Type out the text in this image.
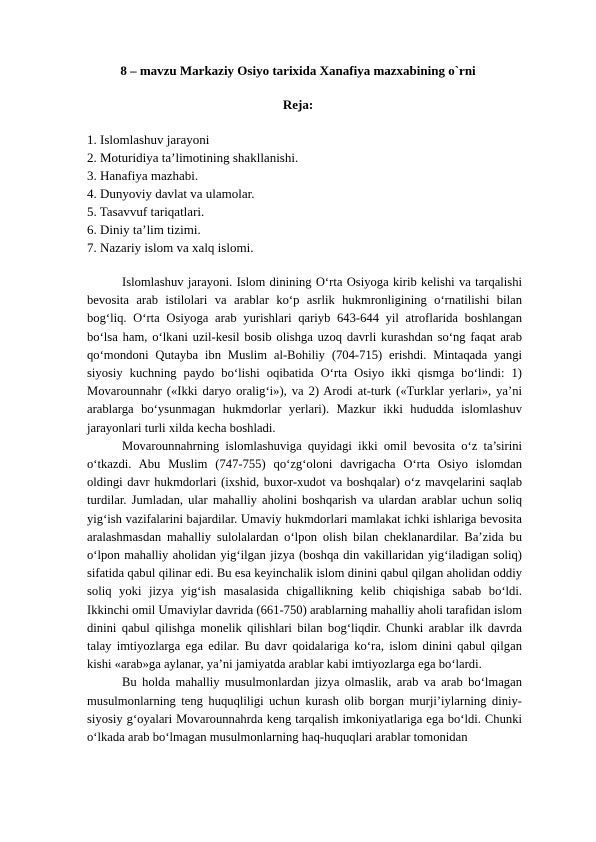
8 – mavzu Markaziy Osiyo tarixida Xanafiya mazxabining o`rni
Reja:
1. Islomlashuv jarayoni
2. Moturidiya ta’limotining shakllanishi.
3. Hanafiya mazhabi.
4. Dunyoviy davlat va ulamolar.
5. Tasavvuf tariqatlari.
6. Diniy ta’lim tizimi.
7. Nazariy islom va xalq islomi.

Islomlashuv jarayoni. Islom dinining O‘rta Osiyoga kirib kelishi va tarqalishi bevosita arab istilolari va arablar ko‘p asrlik hukmronligining o‘rnatilishi bilan bog‘liq. O‘rta Osiyoga arab yurishlari qariyb 643-644 yil atroflarida boshlangan bo‘lsa ham, o‘lkani uzil-kesil bosib olishga uzoq davrli kurashdan so‘ng faqat arab qo‘mondoni Qutayba ibn Muslim al-Bohiliy (704-715) erishdi. Mintaqada yangi siyosiy kuchning paydo bo‘lishi oqibatida O‘rta Osiyo ikki qismga bo‘lindi: 1) Movarounnahr («Ikki daryo oralig‘i»), va 2) Arodi at-turk («Turklar yerlari», ya’ni arablarga bo‘ysunmagan hukmdorlar yerlari). Mazkur ikki hududda islomlashuv jarayonlari turli xilda kecha boshladi.

Movarounnahrning islomlashuviga quyidagi ikki omil bevosita o‘z ta’sirini o‘tkazdi. Abu Muslim (747-755) qo‘zg‘oloni davrigacha O‘rta Osiyo islomdan oldingi davr hukmdorlari (ixshid, buxor-xudot va boshqalar) o‘z mavqelarini saqlab turdilar. Jumladan, ular mahalliy aholini boshqarish va ulardan arablar uchun soliq yig‘ish vazifalarini bajardilar. Umaviy hukmdorlari mamlakat ichki ishlariga bevosita aralashmasdan mahalliy sulolalardan o‘lpon olish bilan cheklanardilar. Ba’zida bu o‘lpon mahalliy aholidan yig‘ilgan jizya (boshqa din vakillaridan yig‘iladigan soliq) sifatida qabul qilinar edi. Bu esa keyinchalik islom dinini qabul qilgan aholidan oddiy soliq yoki jizya yig‘ish masalasida chigallikning kelib chiqishiga sabab bo‘ldi. Ikkinchi omil Umaviylar davrida (661-750) arablarning mahalliy aholi tarafidan islom dinini qabul qilishga monelik qilishlari bilan bog‘liqdir. Chunki arablar ilk davrda talay imtiyozlarga ega edilar. Bu davr qoidalariga ko‘ra, islom dinini qabul qilgan kishi «arab»ga aylanar, ya’ni jamiyatda arablar kabi imtiyozlarga ega bo‘lardi.

Bu holda mahalliy musulmonlardan jizya olmaslik, arab va arab bo‘lmagan musulmonlarning teng huquqliligi uchun kurash olib borgan murji’iylarning diniy-siyosiy g‘oyalari Movarounnahrda keng tarqalish imkoniyatlariga ega bo‘ldi. Chunki o‘lkada arab bo‘lmagan musulmonlarning haq-huquqlari arablar tomonidan
